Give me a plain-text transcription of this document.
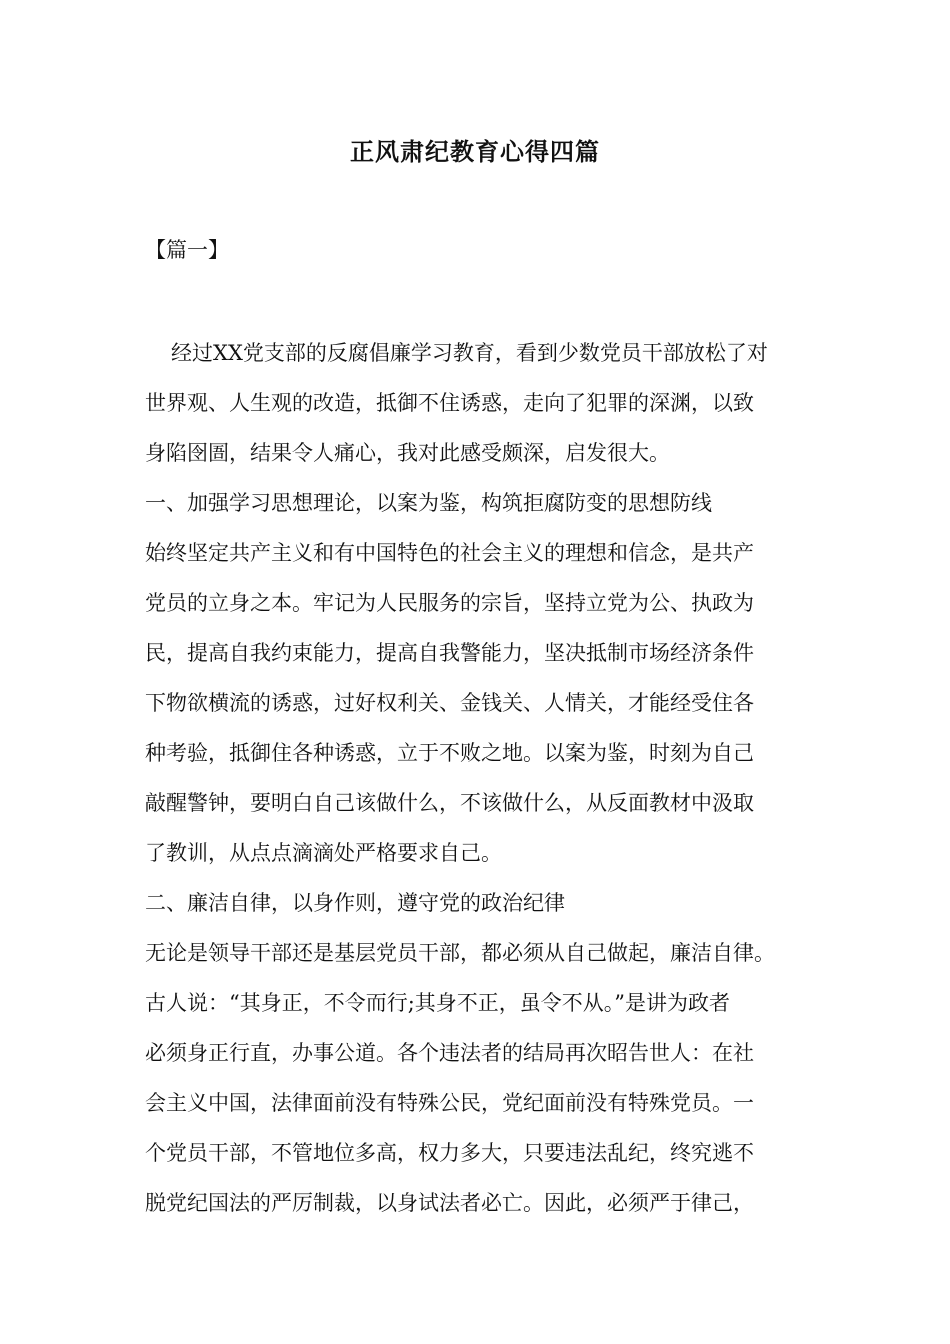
正风肃纪教育心得四篇
【篇一】
经过XX党支部的反腐倡廉学习教育，看到少数党员干部放松了对
世界观、人生观的改造，抵御不住诱惑，走向了犯罪的深渊，以致
身陷囹圄，结果令人痛心，我对此感受颇深，启发很大。
一、加强学习思想理论，以案为鉴，构筑拒腐防变的思想防线
始终坚定共产主义和有中国特色的社会主义的理想和信念，是共产
党员的立身之本。牢记为人民服务的宗旨，坚持立党为公、执政为
民，提高自我约束能力，提高自我警能力，坚决抵制市场经济条件
下物欲横流的诱惑，过好权利关、金钱关、人情关，才能经受住各
种考验，抵御住各种诱惑，立于不败之地。以案为鉴，时刻为自己
敲醒警钟，要明白自己该做什么，不该做什么，从反面教材中汲取
了教训，从点点滴滴处严格要求自己。
二、廉洁自律，以身作则，遵守党的政治纪律
无论是领导干部还是基层党员干部，都必须从自己做起，廉洁自律。
古人说：“其身正，不令而行;其身不正，虽令不从。”是讲为政者
必须身正行直，办事公道。各个违法者的结局再次昭告世人：在社
会主义中国，法律面前没有特殊公民，党纪面前没有特殊党员。一
个党员干部，不管地位多高，权力多大，只要违法乱纪，终究逃不
脱党纪国法的严厉制裁，以身试法者必亡。因此，必须严于律己，
